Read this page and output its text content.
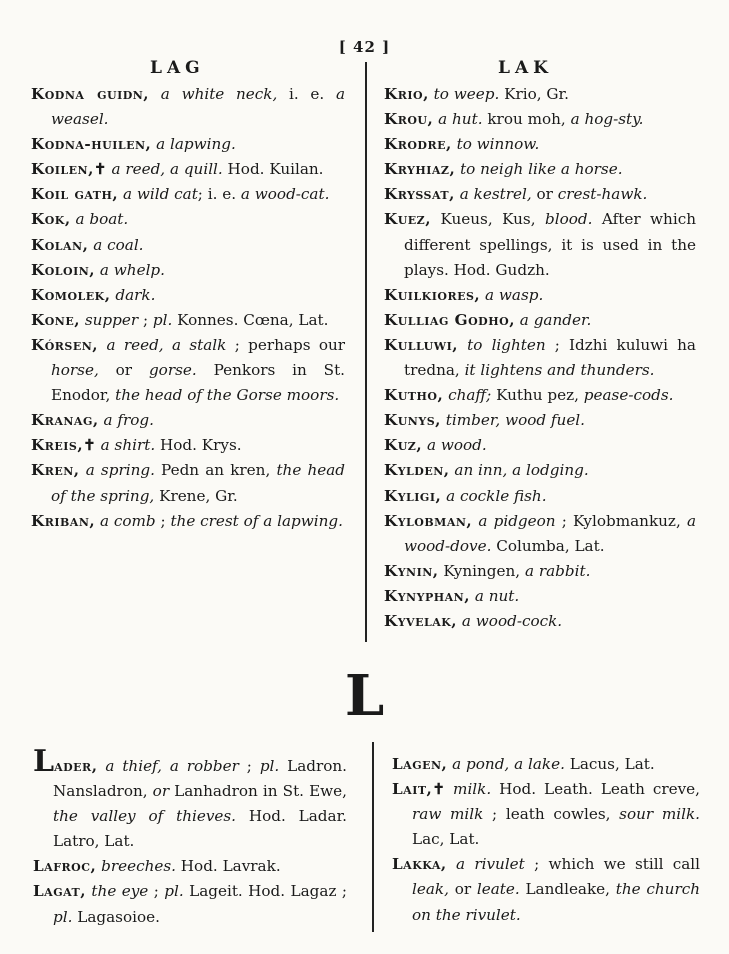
[ 42 ]
LAG	LAK

Kodna guidn, a white neck, i. e. a weasel.

Kodna-huilen, a lapwing.

Koilen,✝ a reed, a quill. Hod. Kuilan.

Koil gath, a wild cat; i. e. a wood-cat.

Kok, a boat.

Kolan, a coal.

Koloin, a whelp.

Komolek, dark.

Kone, supper ; pl. Konnes. Cœna, Lat.

Kórsen, a reed, a stalk ; perhaps our horse, or gorse. Penkors in St. Enodor, the head of the Gorse moors.

Kranag, a frog.

Kreis,✝ a shirt. Hod. Krys.

Kren, a spring. Pedn an kren, the head of the spring, Krene, Gr.

Kriban, a comb ; the crest of a lapwing.

Krio, to weep. Krio, Gr.

Krou, a hut. krou moh, a hog-sty.

Krodre, to winnow.

Kryhiaz, to neigh like a horse.

Kryssat, a kestrel, or crest-hawk.

Kuez, Kueus, Kus, blood. After which different spellings, it is used in the plays. Hod. Gudzh.

Kuilkiores, a wasp.

Kulliag Godho, a gander.

Kulluwi, to lighten ; Idzhi kuluwi ha tredna, it lightens and thunders.

Kutho, chaff; Kuthu pez, pease-cods.

Kunys, timber, wood fuel.

Kuz, a wood.

Kylden, an inn, a lodging.

Kyligi, a cockle fish.

Kylobman, a pidgeon ; Kylobmankuz, a wood-dove. Columba, Lat.

Kynin, Kyningen, a rabbit.

Kynyphan, a nut.

Kyvelak, a wood-cock.

L

Lader, a thief, a robber ; pl. Ladron. Nansladron, or Lanhadron in St. Ewe, the valley of thieves. Hod. Ladar. Latro, Lat.

Lafroc, breeches. Hod. Lavrak.

Lagat, the eye ; pl. Lageit. Hod. Lagaz ; pl. Lagasoioe.

Lagen, a pond, a lake. Lacus, Lat.

Lait,✝ milk. Hod. Leath. Leath creve, raw milk ; leath cowles, sour milk. Lac, Lat.

Lakka, a rivulet ; which we still call leak, or leate. Landleake, the church on the rivulet.
